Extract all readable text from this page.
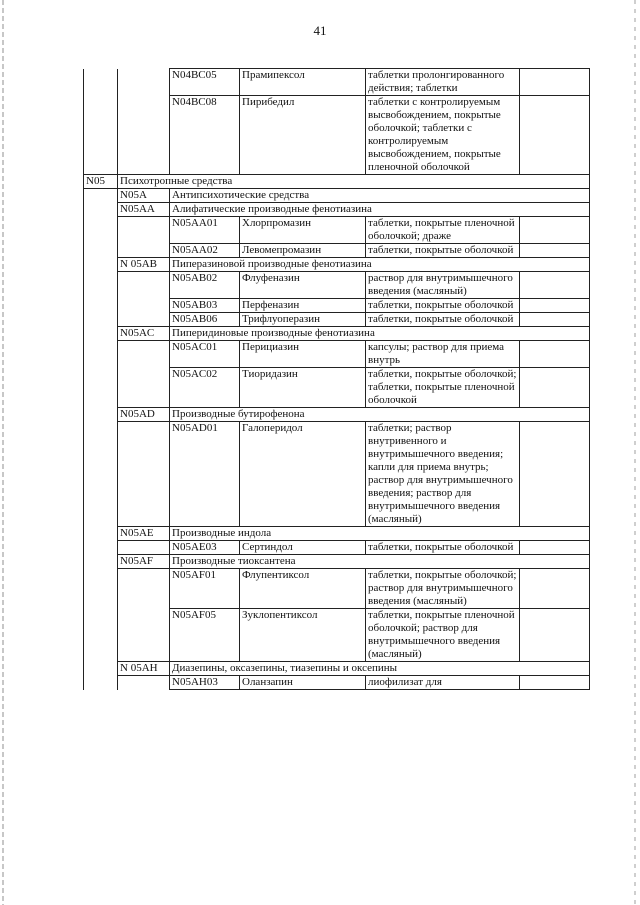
41
		N04BC05	Прамипексол	таблетки пролонгированного действия; таблетки	
		N04BC08	Пирибедил	таблетки с контролируемым высвобождением, покрытые оболочкой; таблетки с контролируемым высвобождением, покрытые пленочной оболочкой	
N05	Психотропные средства				
	N05A	Антипсихотические средства			
	N05AA	Алифатические производные фенотиазина			
		N05AA01	Хлорпромазин	таблетки, покрытые пленочной оболочкой; драже	
		N05AA02	Левомепромазин	таблетки, покрытые оболочкой	
	N 05AB	Пиперазиновой производные фенотиазина			
		N05AB02	Флуфеназин	раствор для внутримышечного введения (масляный)	
		N05AB03	Перфеназин	таблетки, покрытые оболочкой	
		N05AB06	Трифлуоперазин	таблетки, покрытые оболочкой	
	N05AC	Пиперидиновые производные фенотиазина			
		N05AC01	Перициазин	капсулы; раствор для приема внутрь	
		N05AC02	Тиоридазин	таблетки, покрытые оболочкой; таблетки, покрытые пленочной оболочкой	
	N05AD	Производные бутирофенона			
		N05AD01	Галоперидол	таблетки; раствор внутривенного и внутримышечного введения; капли для приема внутрь; раствор для внутримышечного введения; раствор для внутримышечного введения (масляный)	
	N05AE	Производные индола			
		N05AE03	Сертиндол	таблетки, покрытые оболочкой	
	N05AF	Производные тиоксантена			
		N05AF01	Флупентиксол	таблетки, покрытые оболочкой; раствор для внутримышечного введения (масляный)	
		N05AF05	Зуклопентиксол	таблетки, покрытые пленочной оболочкой; раствор для внутримышечного введения (масляный)	
	N 05AH	Диазепины, оксазепины, тиазепины и оксепины			
		N05AH03	Оланзапин	лиофилизат для	
